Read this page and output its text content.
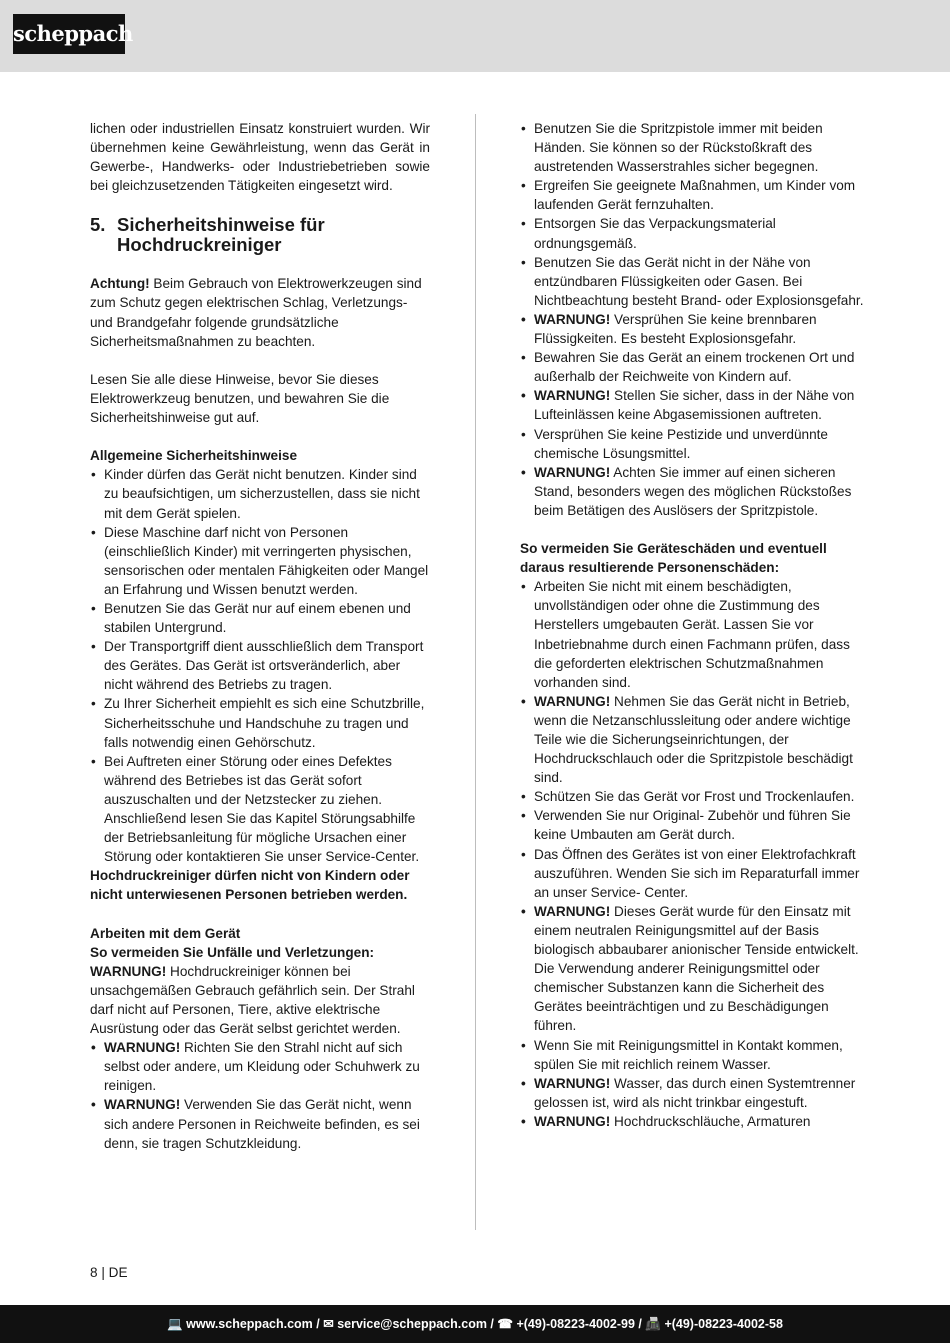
scheppach

lichen oder industriellen Einsatz konstruiert wurden. Wir übernehmen keine Gewährleistung, wenn das Gerät in Gewerbe-, Handwerks- oder Industriebetrieben sowie bei gleichzusetzenden Tätigkeiten eingesetzt wird.

5. Sicherheitshinweise für Hochdruckreiniger

Achtung! Beim Gebrauch von Elektrowerkzeugen sind zum Schutz gegen elektrischen Schlag, Verletzungs- und Brandgefahr folgende grundsätzliche Sicherheitsmaßnahmen zu beachten.

Lesen Sie alle diese Hinweise, bevor Sie dieses Elektrowerkzeug benutzen, und bewahren Sie die Sicherheitshinweise gut auf.

Allgemeine Sicherheitshinweise

• Kinder dürfen das Gerät nicht benutzen. Kinder sind zu beaufsichtigen, um sicherzustellen, dass sie nicht mit dem Gerät spielen.
• Diese Maschine darf nicht von Personen (einschließlich Kinder) mit verringerten physischen, sensorischen oder mentalen Fähigkeiten oder Mangel an Erfahrung und Wissen benutzt werden.
• Benutzen Sie das Gerät nur auf einem ebenen und stabilen Untergrund.
• Der Transportgriff dient ausschließlich dem Transport des Gerätes. Das Gerät ist ortsveränderlich, aber nicht während des Betriebs zu tragen.
• Zu Ihrer Sicherheit empiehlt es sich eine Schutzbrille, Sicherheitsschuhe und Handschuhe zu tragen und falls notwendig einen Gehörschutz.
• Bei Auftreten einer Störung oder eines Defektes während des Betriebes ist das Gerät sofort auszuschalten und der Netzstecker zu ziehen. Anschließend lesen Sie das Kapitel Störungsabhilfe der Betriebsanleitung für mögliche Ursachen einer Störung oder kontaktieren Sie unser Service-Center.

Hochdruckreiniger dürfen nicht von Kindern oder nicht unterwiesenen Personen betrieben werden.

Arbeiten mit dem Gerät

So vermeiden Sie Unfälle und Verletzungen:

WARNUNG! Hochdruckreiniger können bei unsachgemäßen Gebrauch gefährlich sein. Der Strahl darf nicht auf Personen, Tiere, aktive elektrische Ausrüstung oder das Gerät selbst gerichtet werden.

• WARNUNG! Richten Sie den Strahl nicht auf sich selbst oder andere, um Kleidung oder Schuhwerk zu reinigen.
• WARNUNG! Verwenden Sie das Gerät nicht, wenn sich andere Personen in Reichweite befinden, es sei denn, sie tragen Schutzkleidung.
• Benutzen Sie die Spritzpistole immer mit beiden Händen. Sie können so der Rückstoßkraft des austretenden Wasserstrahles sicher begegnen.
• Ergreifen Sie geeignete Maßnahmen, um Kinder vom laufenden Gerät fernzuhalten.
• Entsorgen Sie das Verpackungsmaterial ordnungsgemäß.
• Benutzen Sie das Gerät nicht in der Nähe von entzündbaren Flüssigkeiten oder Gasen. Bei Nichtbeachtung besteht Brand- oder Explosionsgefahr.
• WARNUNG! Versprühen Sie keine brennbaren Flüssigkeiten. Es besteht Explosionsgefahr.
• Bewahren Sie das Gerät an einem trockenen Ort und außerhalb der Reichweite von Kindern auf.
• WARNUNG! Stellen Sie sicher, dass in der Nähe von Lufteinlässen keine Abgasemissionen auftreten.
• Versprühen Sie keine Pestizide und unverdünnte chemische Lösungsmittel.
• WARNUNG! Achten Sie immer auf einen sicheren Stand, besonders wegen des möglichen Rückstoßes beim Betätigen des Auslösers der Spritzpistole.

So vermeiden Sie Geräteschäden und eventuell daraus resultierende Personenschäden:

• Arbeiten Sie nicht mit einem beschädigten, unvollständigen oder ohne die Zustimmung des Herstellers umgebauten Gerät. Lassen Sie vor Inbetriebnahme durch einen Fachmann prüfen, dass die geforderten elektrischen Schutzmaßnahmen vorhanden sind.
• WARNUNG! Nehmen Sie das Gerät nicht in Betrieb, wenn die Netzanschlussleitung oder andere wichtige Teile wie die Sicherungseinrichtungen, der Hochdruckschlauch oder die Spritzpistole beschädigt sind.
• Schützen Sie das Gerät vor Frost und Trockenlaufen.
• Verwenden Sie nur Original- Zubehör und führen Sie keine Umbauten am Gerät durch.
• Das Öffnen des Gerätes ist von einer Elektrofachkraft auszuführen. Wenden Sie sich im Reparaturfall immer an unser Service- Center.
• WARNUNG! Dieses Gerät wurde für den Einsatz mit einem neutralen Reinigungsmittel auf der Basis biologisch abbaubarer anionischer Tenside entwickelt. Die Verwendung anderer Reinigungsmittel oder chemischer Substanzen kann die Sicherheit des Gerätes beeinträchtigen und zu Beschädigungen führen.
• Wenn Sie mit Reinigungsmittel in Kontakt kommen, spülen Sie mit reichlich reinem Wasser.
• WARNUNG! Wasser, das durch einen Systemtrenner gelossen ist, wird als nicht trinkbar eingestuft.
• WARNUNG! Hochdruckschläuche, Armaturen
8 | DE
💻 www.scheppach.com / ✉ service@scheppach.com / ☎ +(49)-08223-4002-99 / 📠 +(49)-08223-4002-58
